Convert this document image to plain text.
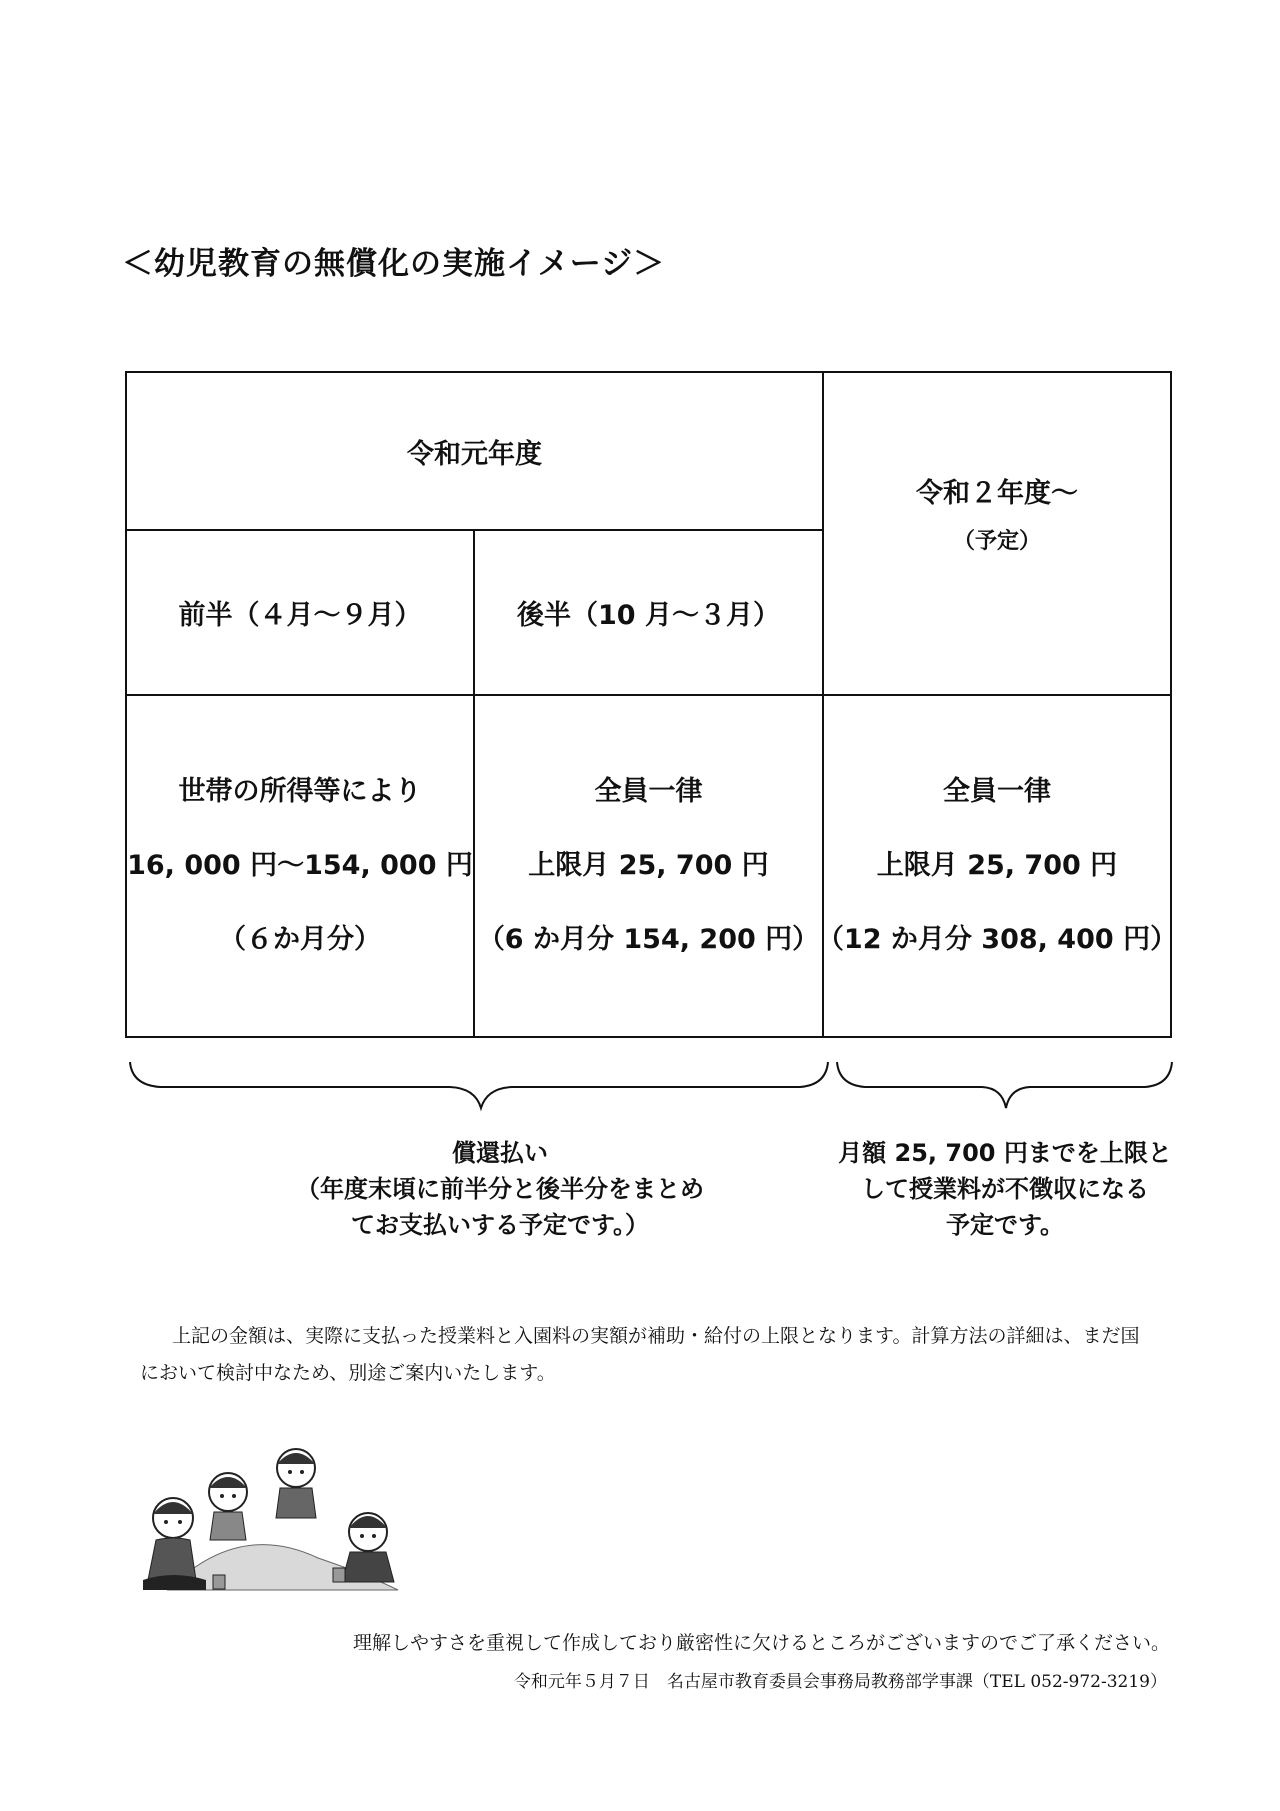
＜幼児教育の無償化の実施イメージ＞
令和元年度
令和２年度～
（予定）
前半（４月～９月）	後半（10 月～３月）
世帯の所得等により
16, 000 円～154, 000 円
（６か月分）
全員一律
上限月 25, 700 円
（6 か月分 154, 200 円）
全員一律
上限月 25, 700 円
（12 か月分 308, 400 円）
償還払い
（年度末頃に前半分と後半分をまとめ
てお支払いする予定です。）
月額 25, 700 円までを上限と
して授業料が不徴収になる
予定です。
上記の金額は、実際に支払った授業料と入園料の実額が補助・給付の上限となります。計算方法の詳細は、まだ国
において検討中なため、別途ご案内いたします。
理解しやすさを重視して作成しており厳密性に欠けるところがございますのでご了承ください。
令和元年５月７日　名古屋市教育委員会事務局教務部学事課（TEL 052-972-3219）
